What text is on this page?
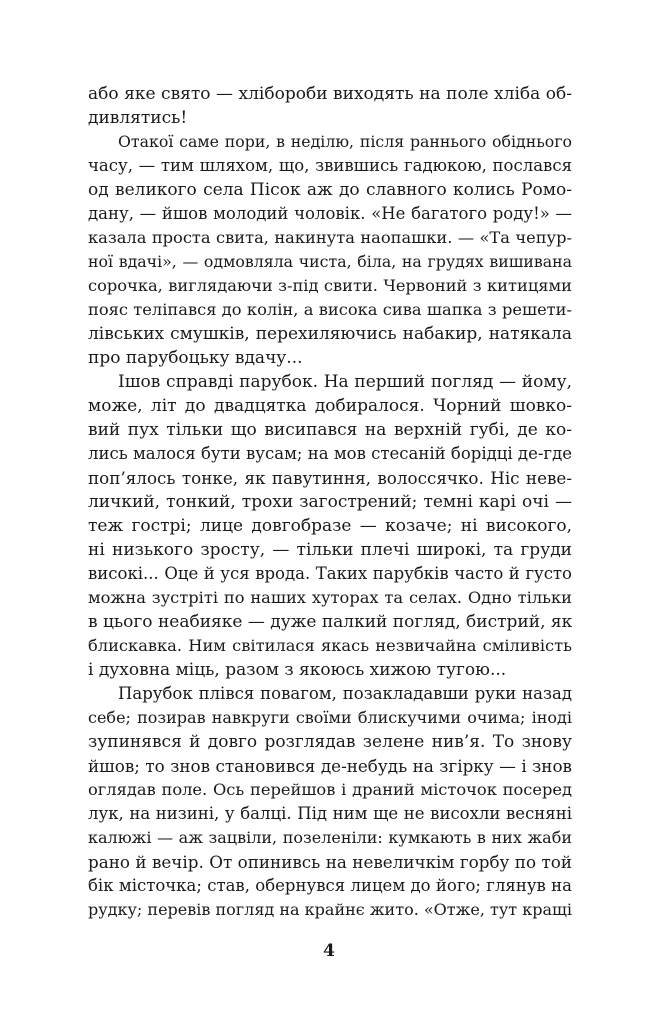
або яке свято — хлібороби виходять на поле хліба об-
дивлятись!
Отакої саме пори, в неділю, після раннього обіднього
часу, — тим шляхом, що, звившись гадюкою, послався
од великого села Пісок аж до славного колись Ромо-
дану, — йшов молодий чоловік. «Не багатого роду!» —
казала проста свита, накинута наопашки. — «Та чепур-
ної вдачі», — одмовляла чиста, біла, на грудях вишивана
сорочка, виглядаючи з-під свити. Червоний з китицями
пояс теліпався до колін, а висока сива шапка з решети-
лівських смушків, перехиляючись набакир, натякала
про парубоцьку вдачу...
Ішов справді парубок. На перший погляд — йому,
може, літ до двадцятка добиралося. Чорний шовко-
вий пух тільки що висипався на верхній губі, де ко-
лись малося бути вусам; на мов стесаній борідці де-где
поп’ялось тонке, як павутиння, волоссячко. Ніс неве-
личкий, тонкий, трохи загострений; темні карі очі —
теж гострі; лице довгобразе — козаче; ні високого,
ні низького зросту, — тільки плечі широкі, та груди
високі... Оце й уся врода. Таких парубків часто й густо
можна зустріті по наших хуторах та селах. Одно тільки
в цього неабияке — дуже палкий погляд, бистрий, як
блискавка. Ним світилася якась незвичайна сміливість
і духовна міць, разом з якоюсь хижою тугою...
Парубок плівся повагом, позакладавши руки назад
себе; позирав навкруги своїми блискучими очима; іноді
зупинявся й довго розглядав зелене нив’я. То знову
йшов; то знов становився де-небудь на згірку — і знов
оглядав поле. Ось перейшов і драний місточок посеред
лук, на низині, у балці. Під ним ще не висохли весняні
калюжі — аж зацвіли, позеленіли: кумкають в них жаби
рано й вечір. От опинивсь на невеличкім горбу по той
бік місточка; став, обернувся лицем до його; глянув на
рудку; перевів погляд на крайнє жито. «Отже, тут кращі
4
